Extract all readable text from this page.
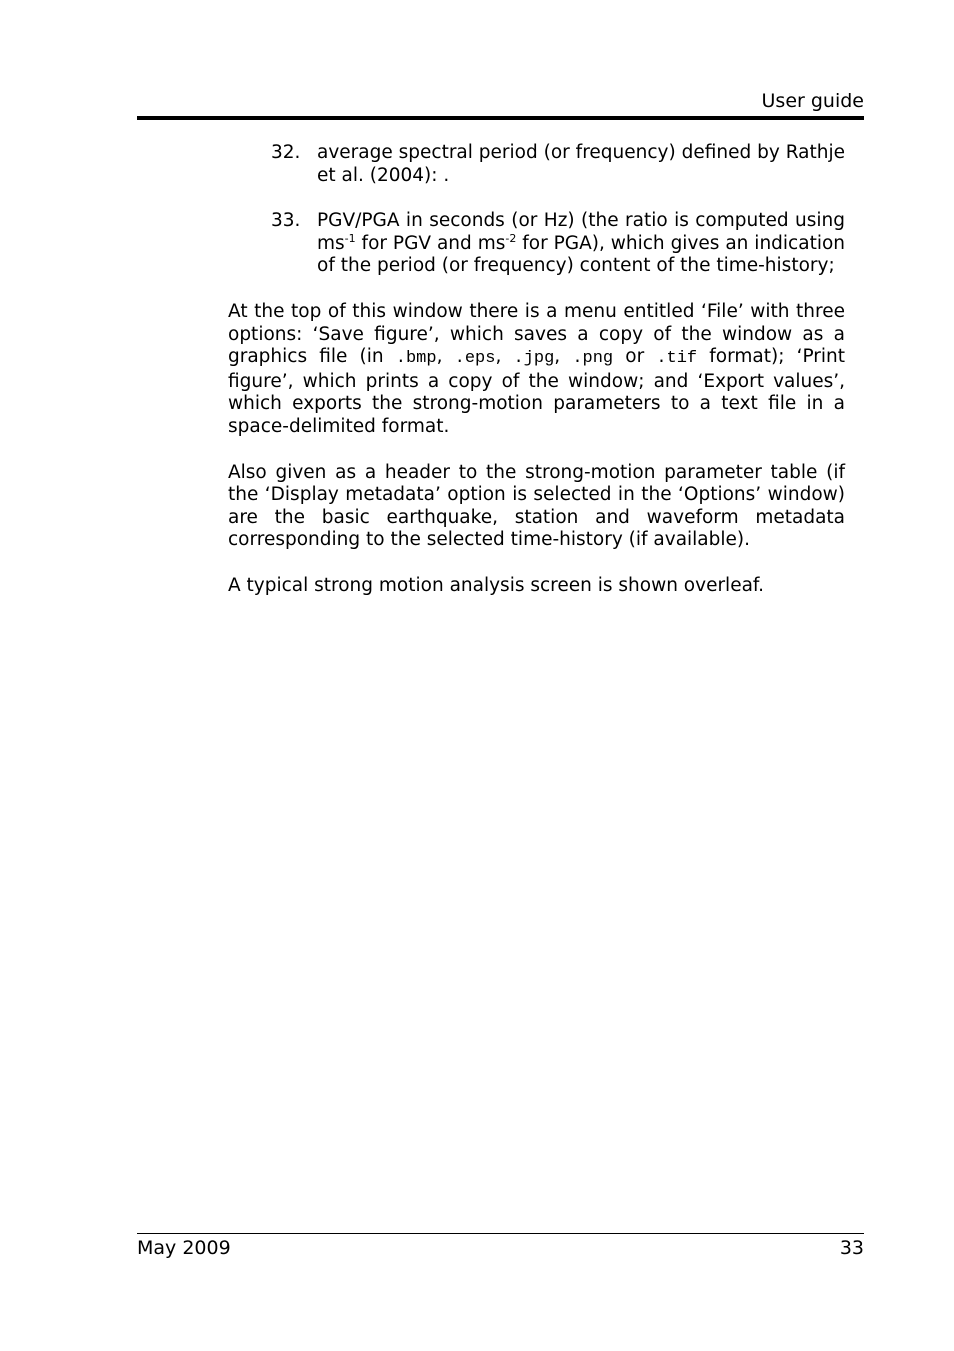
User guide
32. average spectral period (or frequency) defined by Rathje et al. (2004): .
33. PGV/PGA in seconds (or Hz) (the ratio is computed using $ms^{-1}$ for PGV and $ms^{-2}$ for PGA), which gives an indication of the period (or frequency) content of the time-history;

At the top of this window there is a menu entitled ‘File’ with three options: ‘Save figure’, which saves a copy of the window as a graphics file (in .bmp, .eps, .jpg, .png or .tif format); ‘Print figure’, which prints a copy of the window; and ‘Export values’, which exports the strong-motion parameters to a text file in a space-delimited format.

Also given as a header to the strong-motion parameter table (if the ‘Display metadata’ option is selected in the ‘Options’ window) are the basic earthquake, station and waveform metadata corresponding to the selected time-history (if available).

A typical strong motion analysis screen is shown overleaf.

May 2009	33
